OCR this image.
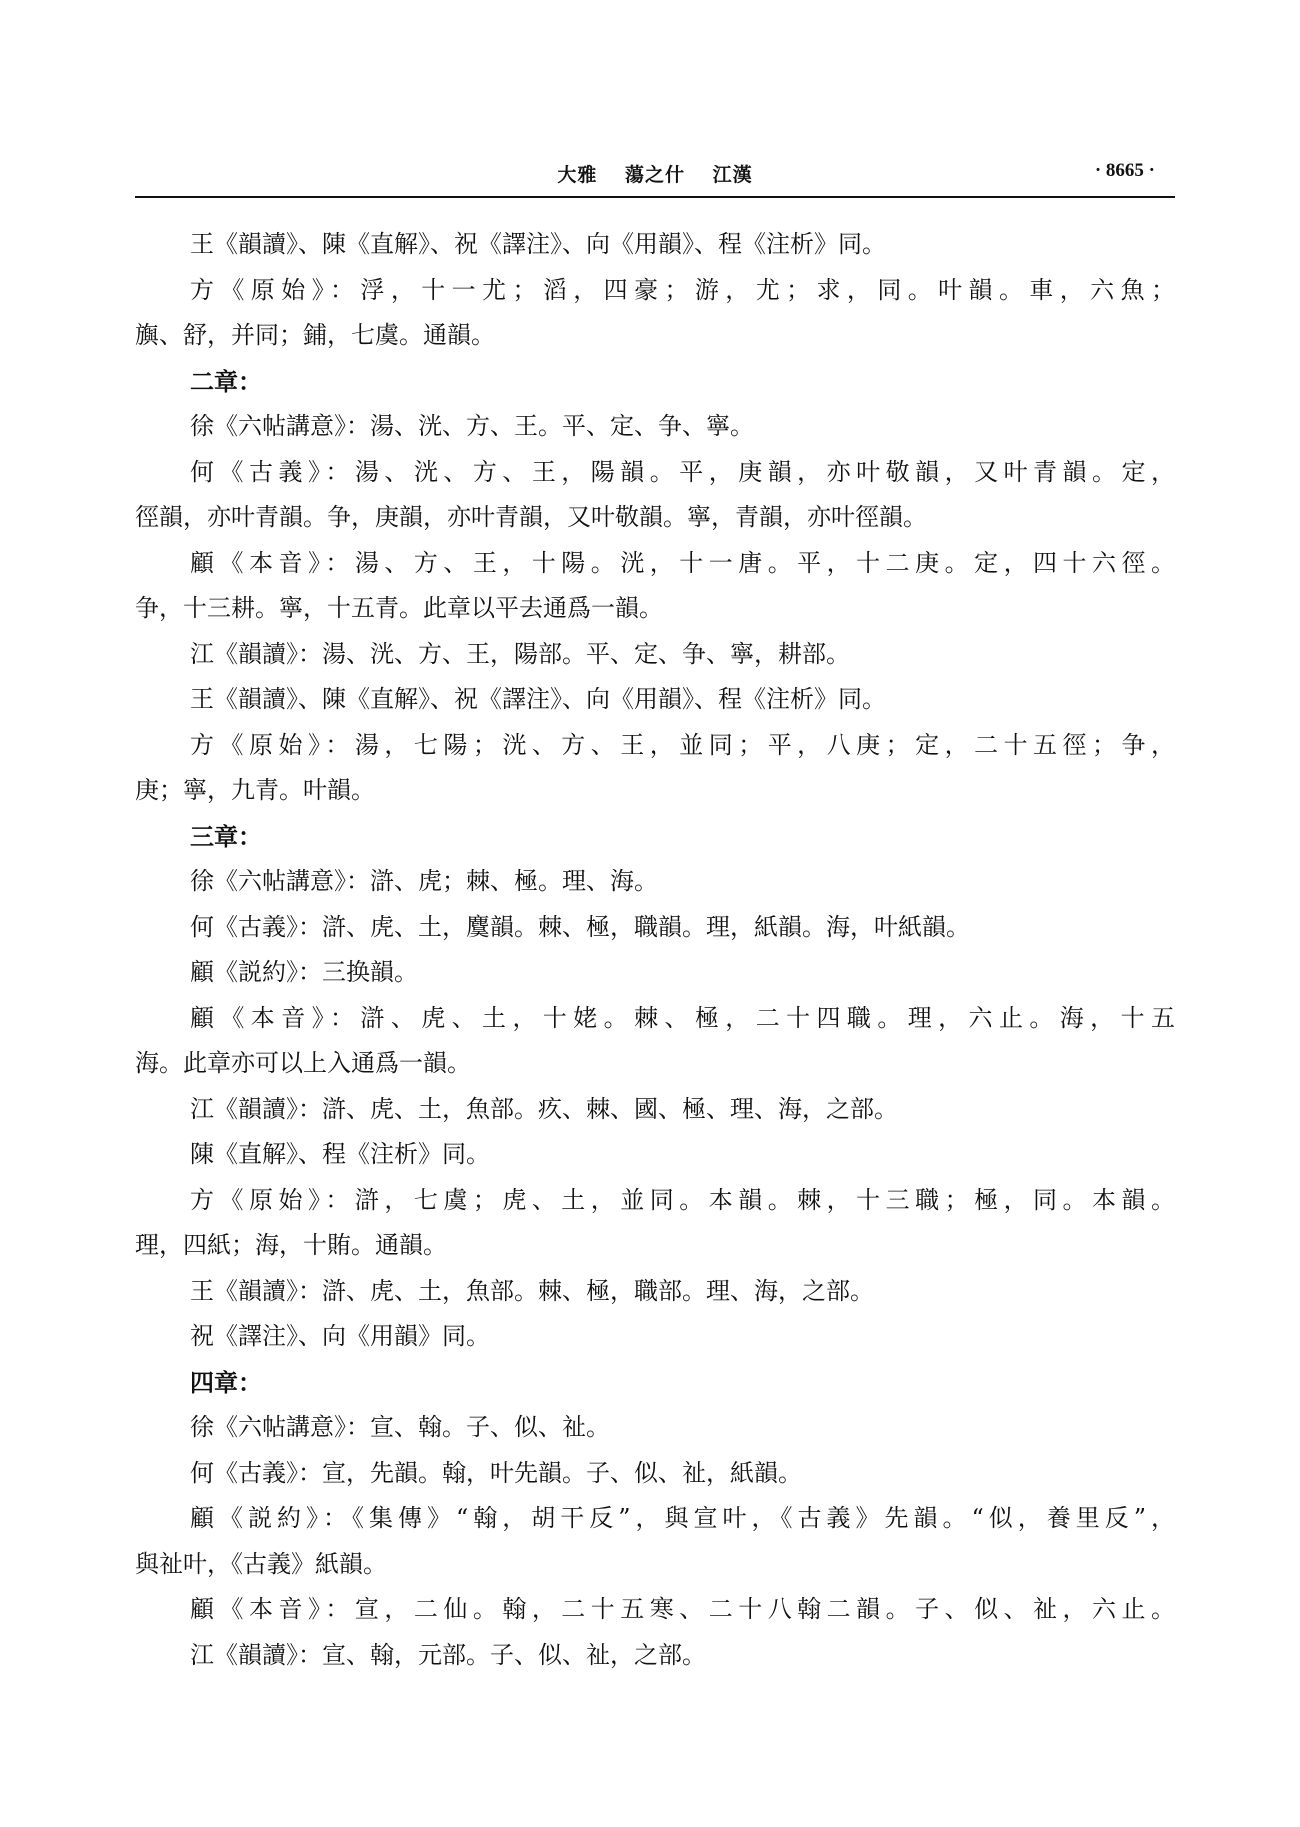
大雅 蕩之什 江漢	· 8665 ·
王《韻讀》、陳《直解》、祝《譯注》、向《用韻》、程《注析》同。
方《原始》：浮，十一尤；滔，四豪；游，尤；求，同。叶韻。車，六魚；
旟、舒，并同；鋪，七虞。通韻。
二章：
徐《六帖講意》：湯、洸、方、王。平、定、争、寧。
何《古義》：湯、洸、方、王，陽韻。平，庚韻，亦叶敬韻，又叶青韻。定，
徑韻，亦叶青韻。争，庚韻，亦叶青韻，又叶敬韻。寧，青韻，亦叶徑韻。
顧《本音》：湯、方、王，十陽。洸，十一唐。平，十二庚。定，四十六徑。
争，十三耕。寧，十五青。此章以平去通爲一韻。
江《韻讀》：湯、洸、方、王，陽部。平、定、争、寧，耕部。
王《韻讀》、陳《直解》、祝《譯注》、向《用韻》、程《注析》同。
方《原始》：湯，七陽；洸、方、王，並同；平，八庚；定，二十五徑；争，
庚；寧，九青。叶韻。
三章：
徐《六帖講意》：滸、虎；棘、極。理、海。
何《古義》：滸、虎、土，麌韻。棘、極，職韻。理，紙韻。海，叶紙韻。
顧《説約》：三换韻。
顧《本音》：滸、虎、土，十姥。棘、極，二十四職。理，六止。海，十五
海。此章亦可以上入通爲一韻。
江《韻讀》：滸、虎、土，魚部。疚、棘、國、極、理、海，之部。
陳《直解》、程《注析》同。
方《原始》：滸，七虞；虎、土，並同。本韻。棘，十三職；極，同。本韻。
理，四紙；海，十賄。通韻。
王《韻讀》：滸、虎、土，魚部。棘、極，職部。理、海，之部。
祝《譯注》、向《用韻》同。
四章：
徐《六帖講意》：宣、翰。子、似、祉。
何《古義》：宣，先韻。翰，叶先韻。子、似、祉，紙韻。
顧《説約》：《集傳》“翰，胡干反”，與宣叶，《古義》先韻。“似，養里反”，
與祉叶，《古義》紙韻。
顧《本音》：宣，二仙。翰，二十五寒、二十八翰二韻。子、似、祉，六止。
江《韻讀》：宣、翰，元部。子、似、祉，之部。
